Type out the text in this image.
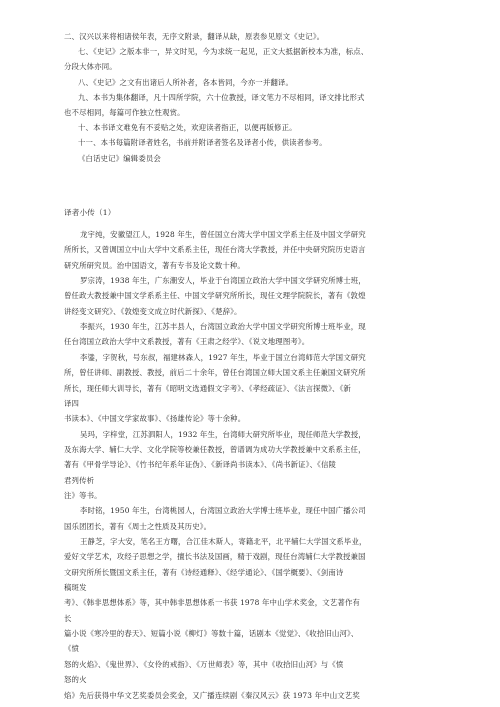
二、汉兴以来将相诸侯年表，无序文附录，翻译从缺，原表参见原文《史记》。
七、《史记》之版本非一，异文时见，今为求统一起见，正文大抵据新校本为准，标点、
分段大体亦同。
八、《史记》之文有出诸后人所补者，各本皆同，今亦一并翻译。
九、本书为集体翻译，凡十四所学院，六十位教授，译文笔力不尽相同，译文排比形式
也不尽相同，每篇可作独立性观赏。
十、本书译文难免有不妥贴之处，欢迎读者指正，以便再版修正。
十一、本书每篇附译者姓名，书前并附译者签名及译者小传，供读者参考。
《白话史记》编辑委员会
译者小传（1）
龙宇纯，安徽望江人，1928 年生，曾任国立台湾大学中国文学系主任及中国文学研究
所所长，又曾调国立中山大学中文系系主任，现任台湾大学教授，并任中央研究院历史语言
研究所研究员。治中国语文，著有专书及论文数十种。
罗宗涛，1938 年生，广东潮安人，毕业于台湾国立政治大学中国文学研究所博士班，
曾任政大教授兼中国文学系系主任、中国文学研究所所长，现任文理学院院长，著有《敦煌
讲经变文研究》、《敦煌变文成立时代新探》、《楚辞》。
李振兴，1930 年生，江苏丰县人，台湾国立政治大学中国文学研究所博士班毕业，现
任台湾国立政治大学中文系教授，著有《王肃之经学》、《说文地理图考》。
李鍌，字贺秋，号东叔，福建林森人，1927 年生，毕业于国立台湾师范大学国文研究
所，曾任讲师、副教授、教授，前后二十余年，曾任台湾国立师大国文系主任兼国文研究所
所长，现任师大训导长，著有《昭明文选通假文字考》、《孝经疏证》、《法言探微》、《新
译四
书读本》、《中国文学家故事》、《扬雄传论》等十余种。
吴玛，字梓堂，江苏泗阳人，1932 年生，台湾师大研究所毕业，现任师范大学教授，
及东海大学、辅仁大学、文化学院等校兼任教授，曾谱调为成功大学教授兼中文系系主任，
著有《甲骨学导论》、《竹书纪年系年证伪》、《新译尚书读本》、《尚书新证》、《信陵
君列传析
注》等书。
李时铭，1950 年生，台湾桃园人，台湾国立政治大学博士班毕业，现任中国广播公司
国乐团团长，著有《周士之性质及其历史》。
王静芝，字大安，笔名王方曙，合江佳木斯人，寄籍北平，北平辅仁大学国文系毕业，
爱好文学艺术，攻经子思想之学，擅长书法及国画，精于戏剧，现任台湾辅仁大学教授兼国
文研究所所长暨国文系主任，著有《诗经通释》、《经学通论》、《国学概要》、《剑南诗
稿斑发
考》、《韩非思想体系》等，其中韩非思想体系一书获 1978 年中山学术奖金，文艺著作有
长
篇小说《寒冷里的春天》、短篇小说《柳灯》等数十篇，话剧本《觉觉》、《收拾旧山河》、
《愤
怒的火焰》、《鬼世界》、《女伶的戒指》、《万世师表》等，其中《收拾旧山河》与《愤
怒的火
焰》先后获得中华文艺奖委员会奖金，又广播连续剧《秦汉风云》获 1973 年中山文艺奖
